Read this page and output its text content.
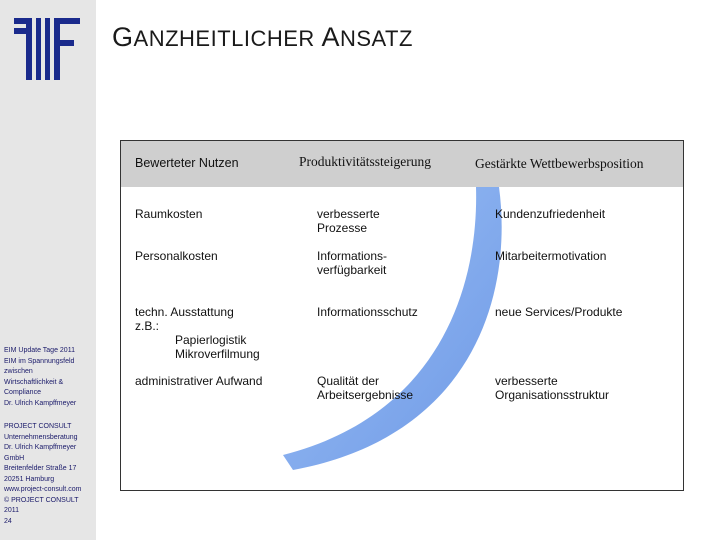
GANZHEITLICHER ANSATZ
EIM Update Tage 2011
EIM im Spannungsfeld
zwischen
Wirtschaftlichkeit &
Compliance
Dr. Ulrich Kampffmeyer
PROJECT CONSULT
Unternehmensberatung
Dr. Ulrich Kampffmeyer
GmbH
Breitenfelder Straße 17
20251 Hamburg
www.project-consult.com
© PROJECT CONSULT
2011
24
Bewerteter Nutzen	Produktivitätssteigerung	Gestärkte Wettbewerbsposition
Raumkosten
Personalkosten
techn. Ausstattung
z.B.:
Papierlogistik
Mikroverfilmung
administrativer Aufwand
verbesserte
Prozesse
Informations-
verfügbarkeit
Informationsschutz
Qualität der
Arbeitsergebnisse
Kundenzufriedenheit
Mitarbeitermotivation
neue Services/Produkte
verbesserte
Organisationsstruktur
